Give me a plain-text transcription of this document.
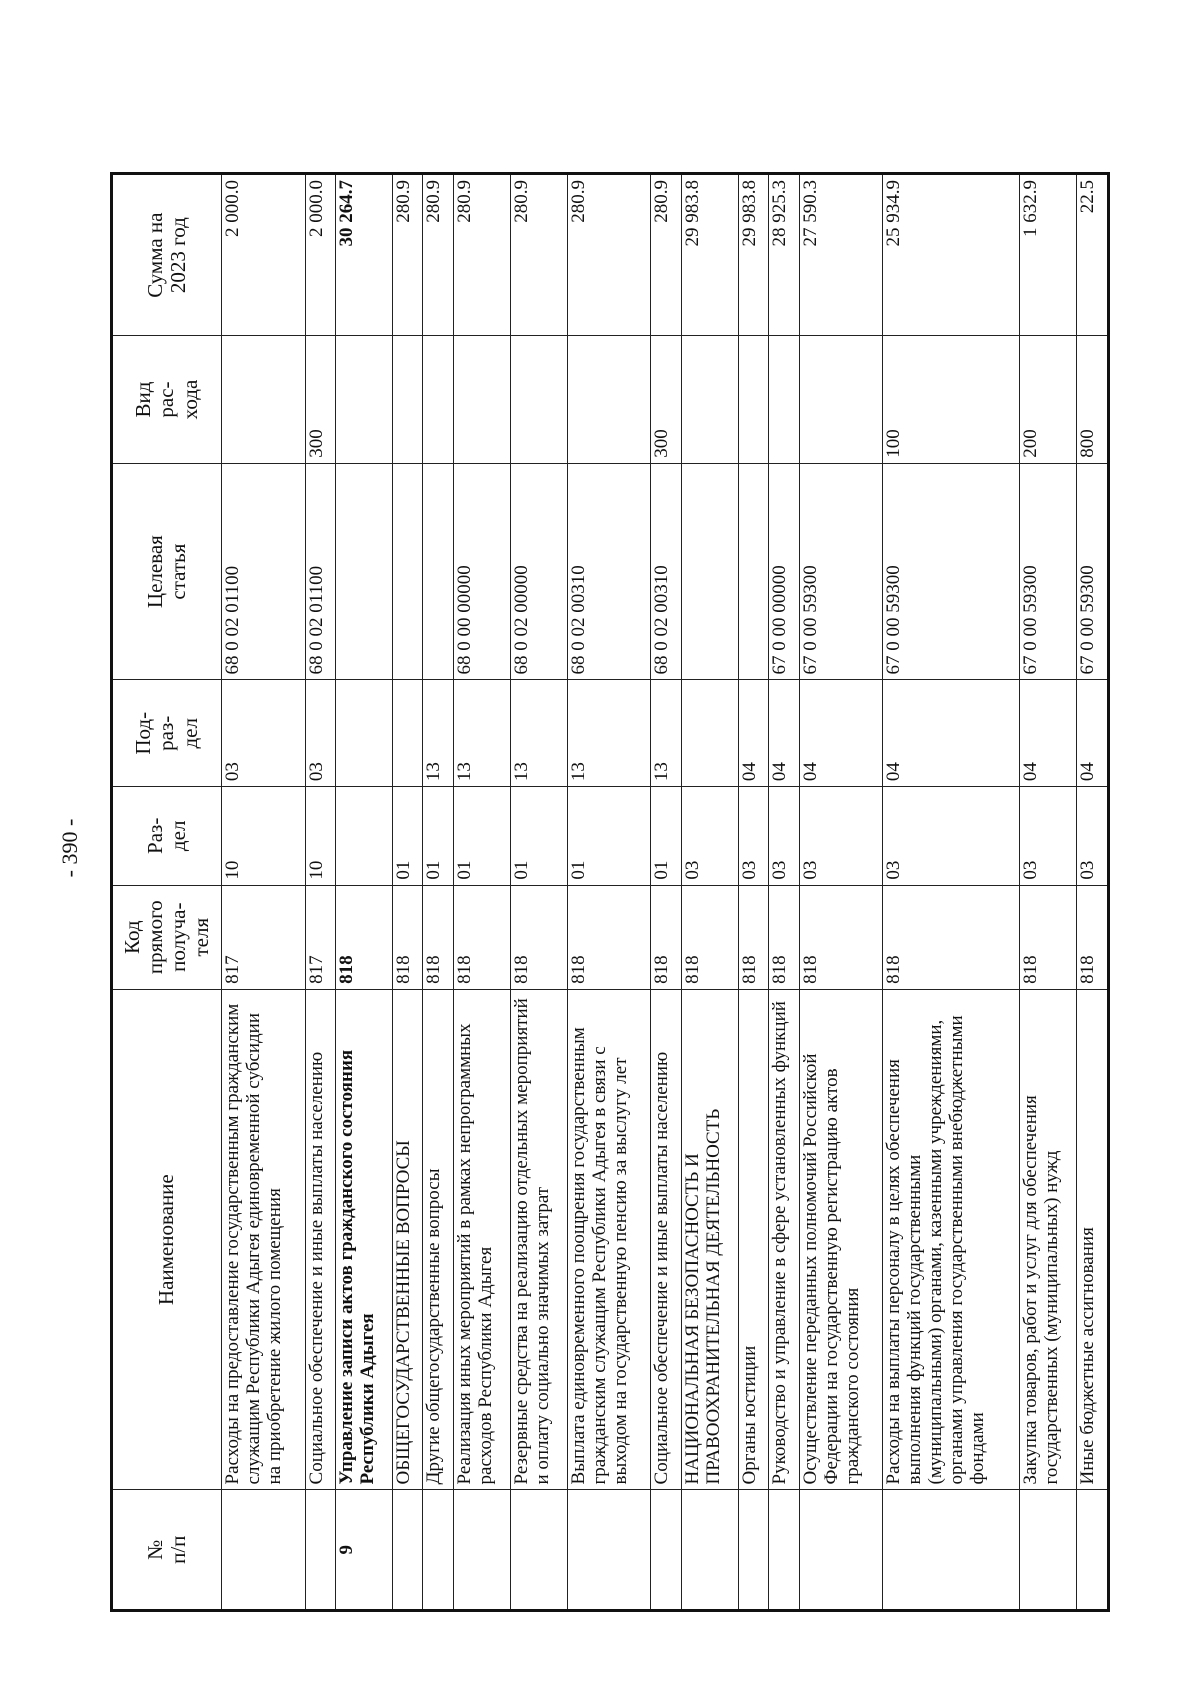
- 390 -
№
п/п	Наименование	Код
прямого
получа-
теля	Раз-
дел	Под-
раз-
дел	Целевая
статья	Вид
рас-
хода	Сумма на
2023 год
	Расходы на предоставление государственным гражданским служащим Республики Адыгея единовременной субсидии на приобретение жилого помещения	817	10	03	68 0 02 01100		2 000.0
	Социальное обеспечение и иные выплаты населению	817	10	03	68 0 02 01100	300	2 000.0
9	Управление записи актов гражданского состояния Республики Адыгея	818					30 264.7
	ОБЩЕГОСУДАРСТВЕННЫЕ ВОПРОСЫ	818	01				280.9
	Другие общегосударственные вопросы	818	01	13			280.9
	Реализация иных мероприятий в рамках непрограммных расходов Республики Адыгея	818	01	13	68 0 00 00000		280.9
	Резервные средства на реализацию отдельных мероприятий и оплату социально значимых затрат	818	01	13	68 0 02 00000		280.9
	Выплата единовременного поощрения государственным гражданским служащим Республики Адыгея в связи с выходом на государственную пенсию за выслугу лет	818	01	13	68 0 02 00310		280.9
	Социальное обеспечение и иные выплаты населению	818	01	13	68 0 02 00310	300	280.9
	НАЦИОНАЛЬНАЯ БЕЗОПАСНОСТЬ И ПРАВООХРАНИТЕЛЬНАЯ ДЕЯТЕЛЬНОСТЬ	818	03				29 983.8
	Органы юстиции	818	03	04			29 983.8
	Руководство и управление в сфере установленных функций	818	03	04	67 0 00 00000		28 925.3
	Осуществление переданных полномочий Российской Федерации на государственную регистрацию актов гражданского состояния	818	03	04	67 0 00 59300		27 590.3
	Расходы на выплаты персоналу в целях обеспечения выполнения функций государственными (муниципальными) органами, казенными учреждениями, органами управления государственными внебюджетными фондами	818	03	04	67 0 00 59300	100	25 934.9
	Закупка товаров, работ и услуг для обеспечения государственных (муниципальных) нужд	818	03	04	67 0 00 59300	200	1 632.9
	Иные бюджетные ассигнования	818	03	04	67 0 00 59300	800	22.5
